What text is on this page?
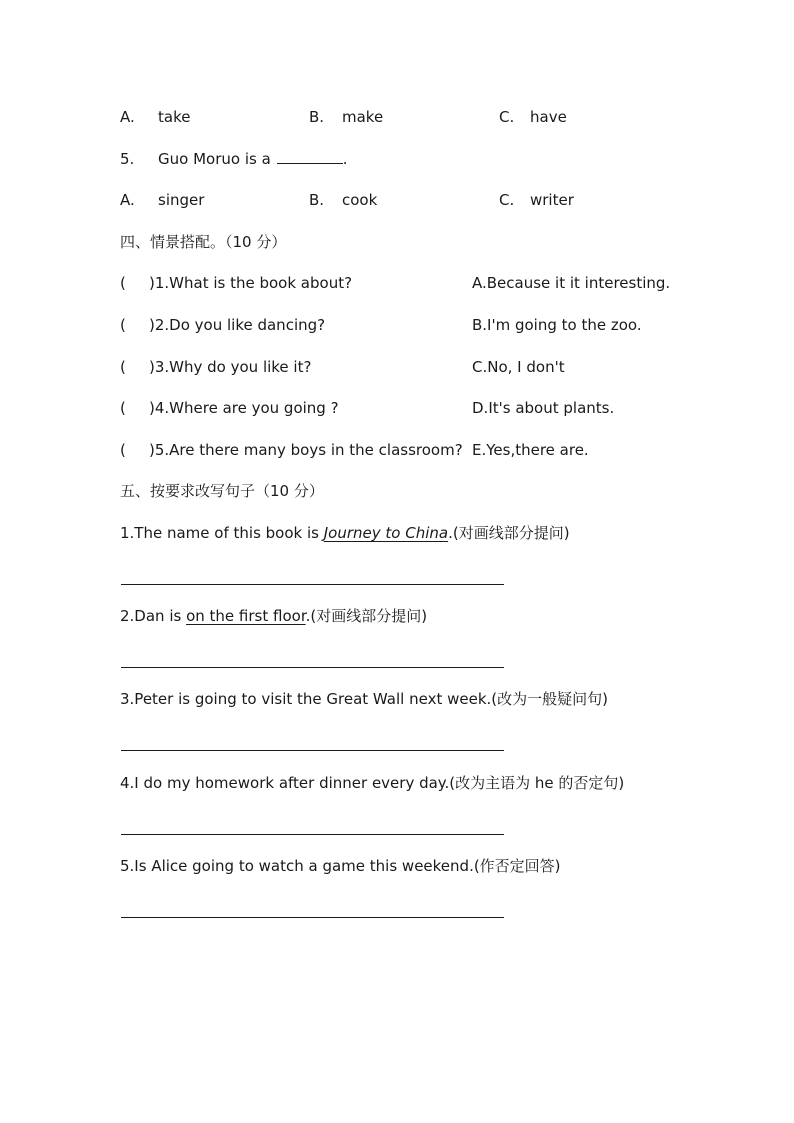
A. take	B. make	C. have
5. Guo Moruo is a	.
A. singer	B. cook	C. writer
四、情景搭配。（10 分）
( )1.What is the book about?	A.Because it it interesting.
( )2.Do you like dancing?	B.I'm going to the zoo.
( )3.Why do you like it?	C.No, I don't
( )4.Where are you going ?	D.It's about plants.
( )5.Are there many boys in the classroom? E.Yes,there are.
五、按要求改写句子（10 分）
1.The name of this book is Journey to China.(对画线部分提问)
2.Dan is on the first floor.(对画线部分提问)
3.Peter is going to visit the Great Wall next week.(改为一般疑问句)
4.I do my homework after dinner every day.(改为主语为 he 的否定句)
5.Is Alice going to watch a game this weekend.(作否定回答)
